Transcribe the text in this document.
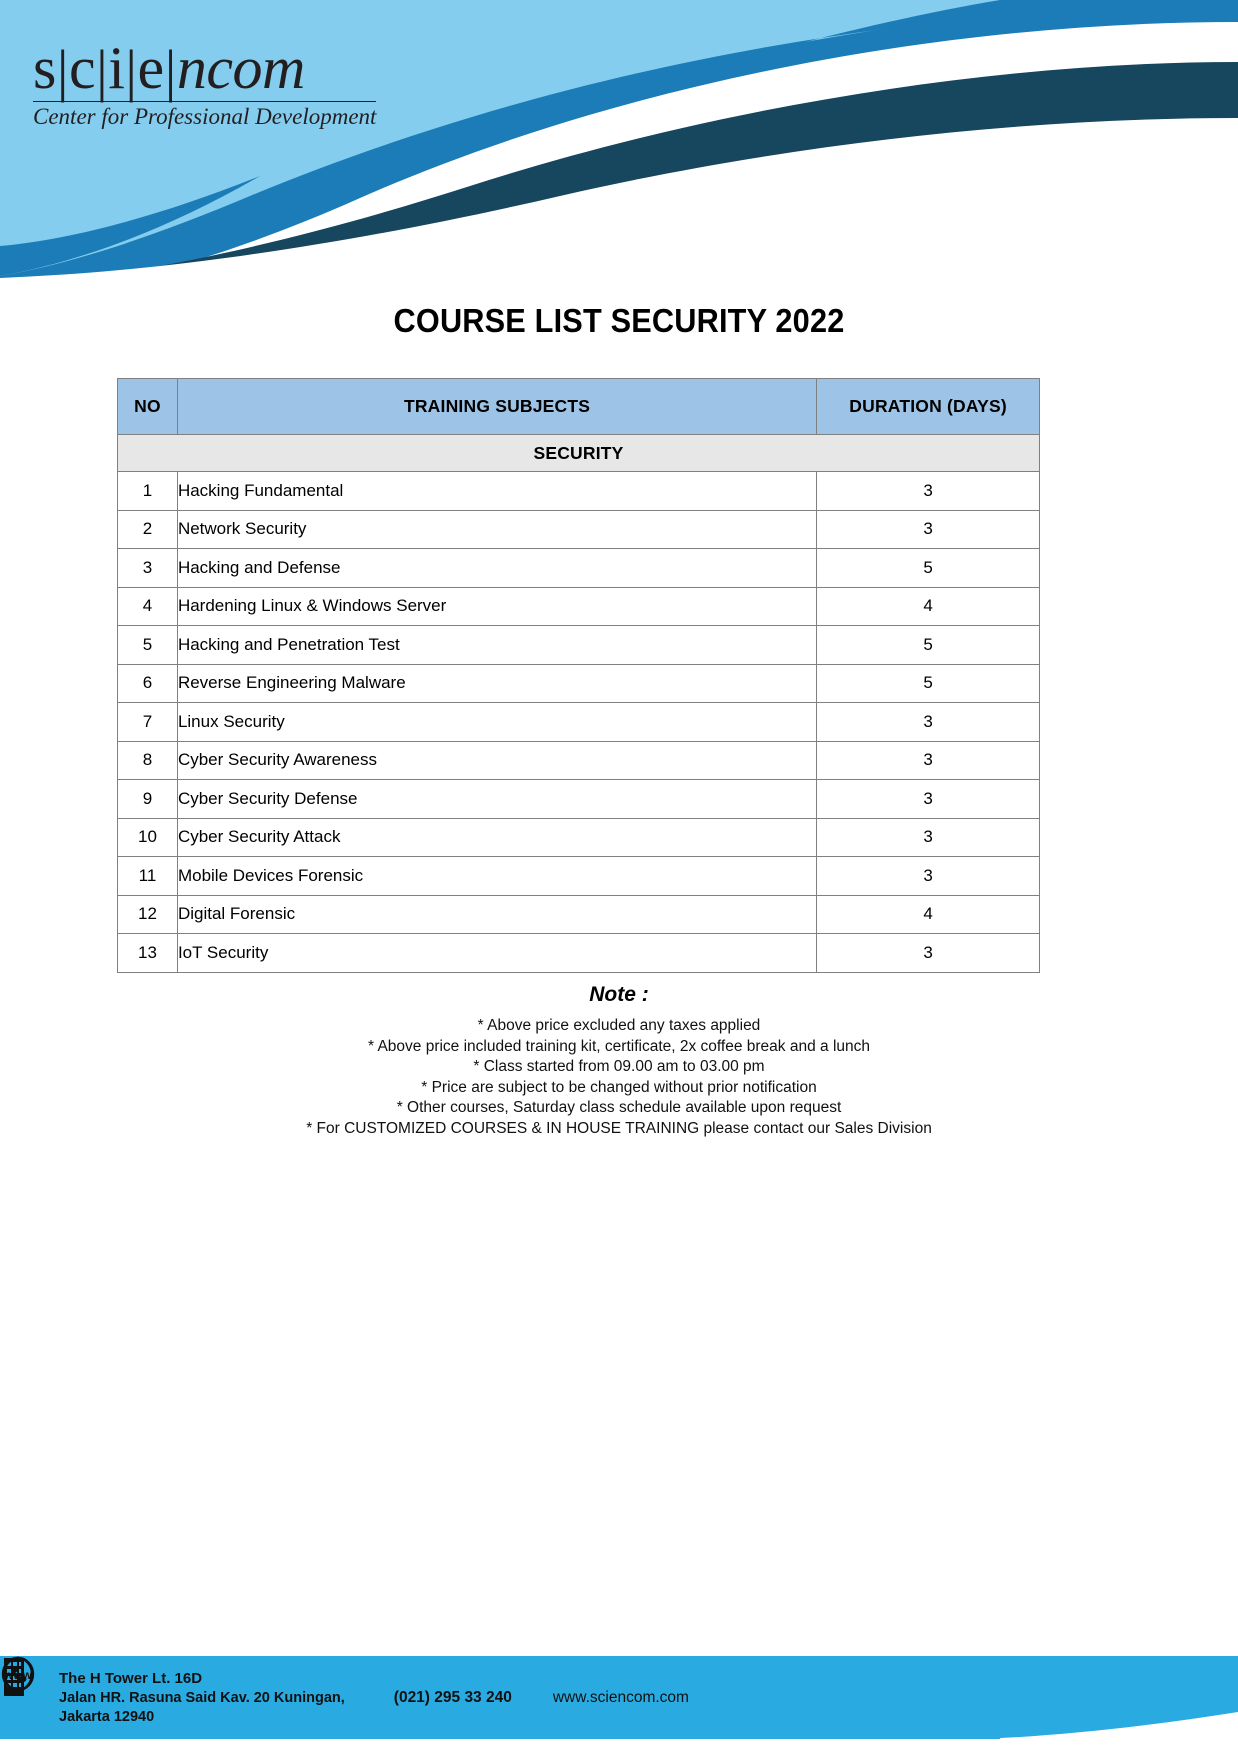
s|c|i|e|ncom
Center for Professional Development
COURSE LIST SECURITY 2022
NO	TRAINING SUBJECTS	DURATION (DAYS)
SECURITY		
1	Hacking Fundamental	3
2	Network Security	3
3	Hacking and Defense	5
4	Hardening Linux & Windows Server	4
5	Hacking and Penetration Test	5
6	Reverse Engineering Malware	5
7	Linux Security	3
8	Cyber Security Awareness	3
9	Cyber Security Defense	3
10	Cyber Security Attack	3
11	Mobile Devices Forensic	3
12	Digital Forensic	4
13	IoT Security	3
Note :
* Above price excluded any taxes applied
* Above price included training kit, certificate, 2x coffee break and a lunch
* Class started from 09.00 am to 03.00 pm
* Price are subject to be changed without prior notification
* Other courses, Saturday class schedule available upon request
* For CUSTOMIZED COURSES & IN HOUSE TRAINING please contact our Sales Division
The H Tower Lt. 16D
Jalan HR. Rasuna Said Kav. 20 Kuningan,
Jakarta 12940
(021) 295 33 240
www
www.sciencom.com
